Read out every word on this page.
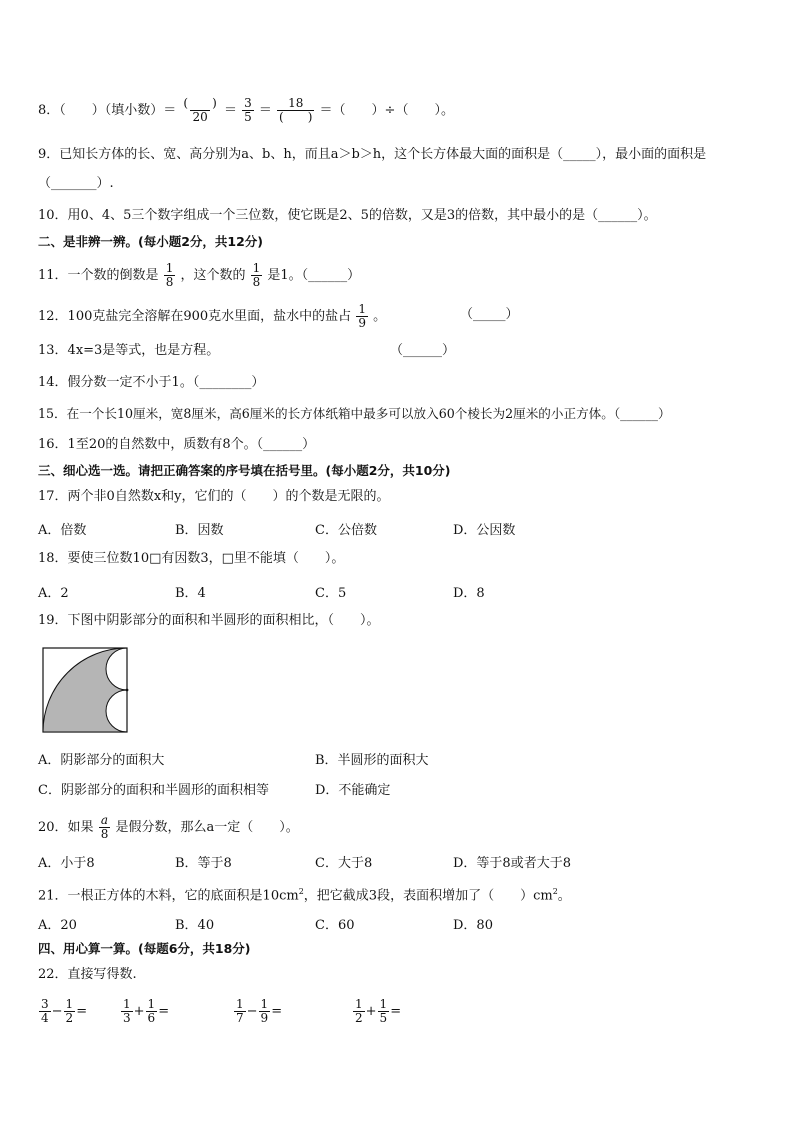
8．（　　）（填小数）＝ $\frac{( )}{20} = \frac{3}{5} = \frac{18}{( )}$ ＝（　　）÷（　　）。
9．已知长方体的长、宽、高分别为a、b、h，而且a＞b＞h，这个长方体最大面的面积是（_____），最小面的面积是
（_______）.
10．用0、4、5三个数字组成一个三位数，使它既是2、5的倍数，又是3的倍数，其中最小的是（______）。
二、是非辨一辨。(每小题2分，共12分)
11．一个数的倒数是 $\frac{1}{8}$ ，这个数的 $\frac{1}{8}$ 是1。（______）
12．100克盐完全溶解在900克水里面，盐水中的盐占 $\frac{1}{9}$ 。	（_____）
13．4x=3是等式，也是方程。	（______）
14．假分数一定不小于1。（________）
15．在一个长10厘米，宽8厘米，高6厘米的长方体纸箱中最多可以放入60个棱长为2厘米的小正方体。（______）
16．1至20的自然数中，质数有8个。（______）
三、细心选一选。请把正确答案的序号填在括号里。(每小题2分，共10分)
17．两个非0自然数x和y，它们的（　　）的个数是无限的。
A．倍数	B．因数	C．公倍数	D．公因数
18．要使三位数10□有因数3，□里不能填（　　）。
A．2	B．4	C．5	D．8
19．下图中阴影部分的面积和半圆形的面积相比，（　　）。
A．阴影部分的面积大	B．半圆形的面积大
C．阴影部分的面积和半圆形的面积相等	D．不能确定
20．如果 $\frac{a}{8}$ 是假分数，那么a一定（　　）。
A．小于8	B．等于8	C．大于8	D．等于8或者大于8
21．一根正方体的木料，它的底面积是$10cm^2$，把它截成3段，表面积增加了（　　）$cm^2$。
A．20	B．40	C．60	D．80
四、用心算一算。(每题6分，共18分)
22．直接写得数.
$\frac{3}{4} - \frac{1}{2}$ =	$\frac{1}{3} + \frac{1}{6}$ =	$\frac{1}{7} - \frac{1}{9}$ =	$\frac{1}{2} + \frac{1}{5}$ =
